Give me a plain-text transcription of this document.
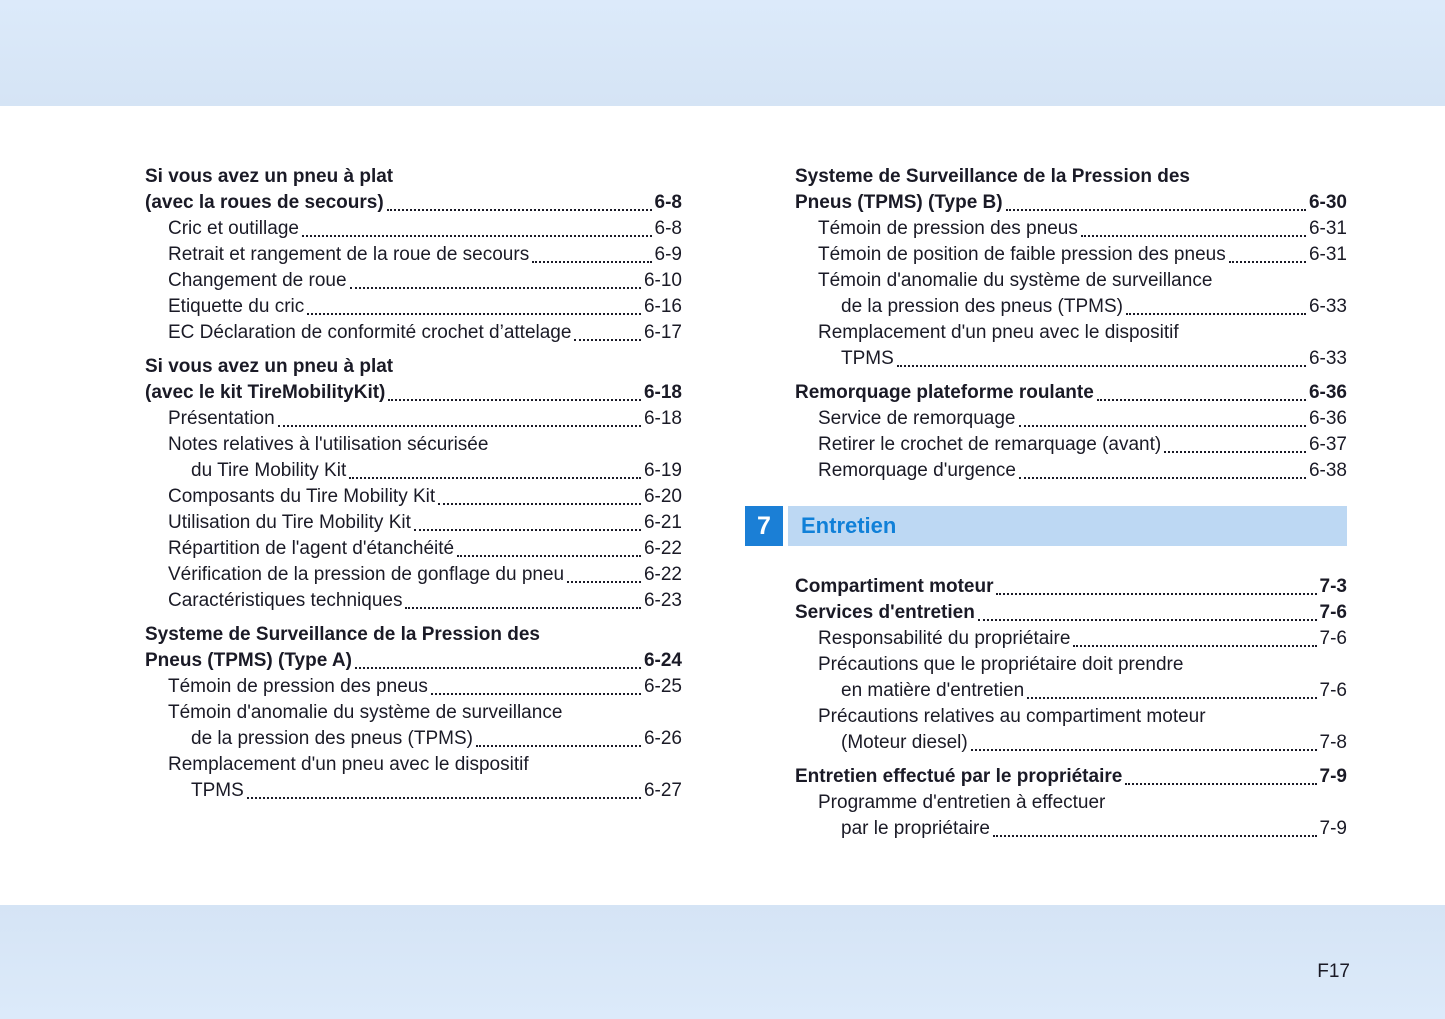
Si vous avez un pneu à plat
(avec la roues de secours)	6-8
Cric et outillage	6-8
Retrait et rangement de la roue de secours	6-9
Changement de roue	6-10
Etiquette du cric	6-16
EC Déclaration de conformité crochet d’attelage	6-17
Si vous avez un pneu à plat
(avec le kit TireMobilityKit)	6-18
Présentation	6-18
Notes relatives à l'utilisation sécurisée
du Tire Mobility Kit	6-19
Composants du Tire Mobility Kit	6-20
Utilisation du Tire Mobility Kit	6-21
Répartition de l'agent d'étanchéité	6-22
Vérification de la pression de gonflage du pneu	6-22
Caractéristiques techniques	6-23
Systeme de Surveillance de la Pression des
Pneus (TPMS) (Type A)	6-24
Témoin de pression des pneus	6-25
Témoin d'anomalie du système de surveillance
de la pression des pneus (TPMS)	6-26
Remplacement d'un pneu avec le dispositif
TPMS	6-27
Systeme de Surveillance de la Pression des
Pneus (TPMS) (Type B)	6-30
Témoin de pression des pneus	6-31
Témoin de position de faible pression des pneus	6-31
Témoin d'anomalie du système de surveillance
de la pression des pneus (TPMS)	6-33
Remplacement d'un pneu avec le dispositif
TPMS	6-33
Remorquage plateforme roulante	6-36
Service de remorquage	6-36
Retirer le crochet de remarquage (avant)	6-37
Remorquage d'urgence	6-38
7	Entretien
Compartiment moteur	7-3
Services d'entretien	7-6
Responsabilité du propriétaire	7-6
Précautions que le propriétaire doit prendre
en matière d'entretien	7-6
Précautions relatives au compartiment moteur
(Moteur diesel)	7-8
Entretien effectué par le propriétaire	7-9
Programme d'entretien à effectuer
par le propriétaire	7-9
F17
